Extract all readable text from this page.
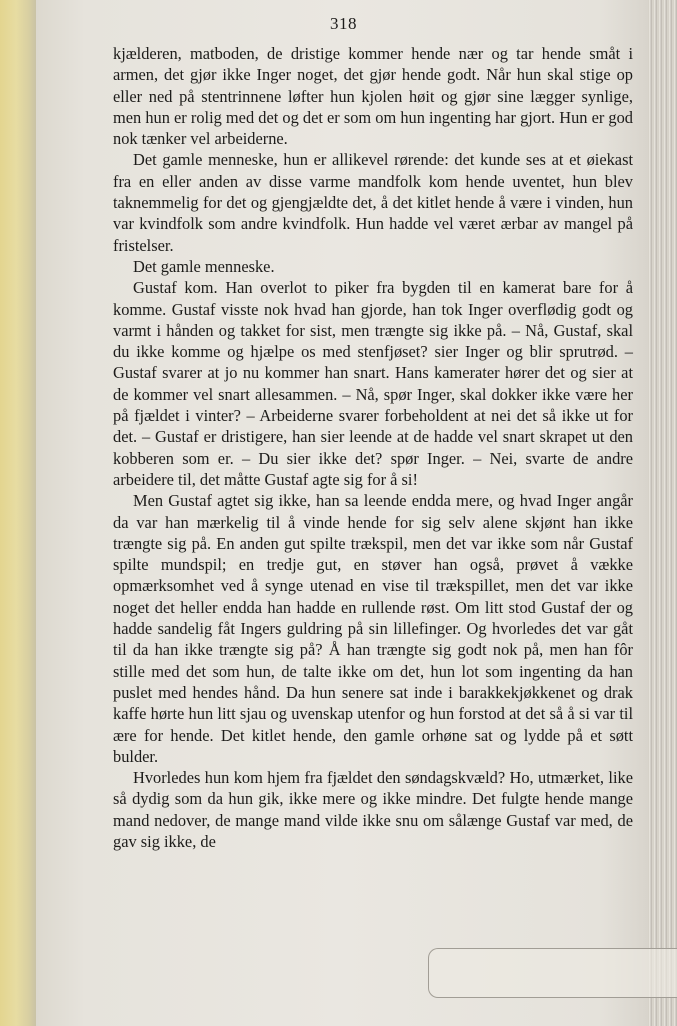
318

kjælderen, matboden, de dristige kommer hende nær og tar hende småt i armen, det gjør ikke Inger noget, det gjør hende godt. Når hun skal stige op eller ned på stentrinnene løfter hun kjolen høit og gjør sine lægger synlige, men hun er rolig med det og det er som om hun ingenting har gjort. Hun er god nok tænker vel arbeiderne.

Det gamle menneske, hun er allikevel rørende: det kunde ses at et øiekast fra en eller anden av disse varme mandfolk kom hende uventet, hun blev taknemmelig for det og gjengjældte det, å det kitlet hende å være i vinden, hun var kvindfolk som andre kvindfolk. Hun hadde vel været ærbar av mangel på fristelser.

Det gamle menneske.

Gustaf kom. Han overlot to piker fra bygden til en kamerat bare for å komme. Gustaf visste nok hvad han gjorde, han tok Inger overflødig godt og varmt i hånden og takket for sist, men trængte sig ikke på. – Nå, Gustaf, skal du ikke komme og hjælpe os med stenfjøset? sier Inger og blir sprutrød. – Gustaf svarer at jo nu kommer han snart. Hans kamerater hører det og sier at de kommer vel snart allesammen. – Nå, spør Inger, skal dokker ikke være her på fjældet i vinter? – Arbeiderne svarer forbeholdent at nei det så ikke ut for det. – Gustaf er dristigere, han sier leende at de hadde vel snart skrapet ut den kobberen som er. – Du sier ikke det? spør Inger. – Nei, svarte de andre arbeidere til, det måtte Gustaf agte sig for å si!

Men Gustaf agtet sig ikke, han sa leende endda mere, og hvad Inger angår da var han mærkelig til å vinde hende for sig selv alene skjønt han ikke trængte sig på. En anden gut spilte trækspil, men det var ikke som når Gustaf spilte mundspil; en tredje gut, en støver han også, prøvet å vække opmærksomhet ved å synge utenad en vise til trækspillet, men det var ikke noget det heller endda han hadde en rullende røst. Om litt stod Gustaf der og hadde sandelig fåt Ingers guldring på sin lillefinger. Og hvorledes det var gåt til da han ikke trængte sig på? Å han trængte sig godt nok på, men han fôr stille med det som hun, de talte ikke om det, hun lot som ingenting da han puslet med hendes hånd. Da hun senere sat inde i barakkekjøkkenet og drak kaffe hørte hun litt sjau og uvenskap utenfor og hun forstod at det så å si var til ære for hende. Det kitlet hende, den gamle orhøne sat og lydde på et søtt bulder.

Hvorledes hun kom hjem fra fjældet den søndagskvæld? Ho, utmærket, like så dydig som da hun gik, ikke mere og ikke mindre. Det fulgte hende mange mand nedover, de mange mand vilde ikke snu om sålænge Gustaf var med, de gav sig ikke, de
